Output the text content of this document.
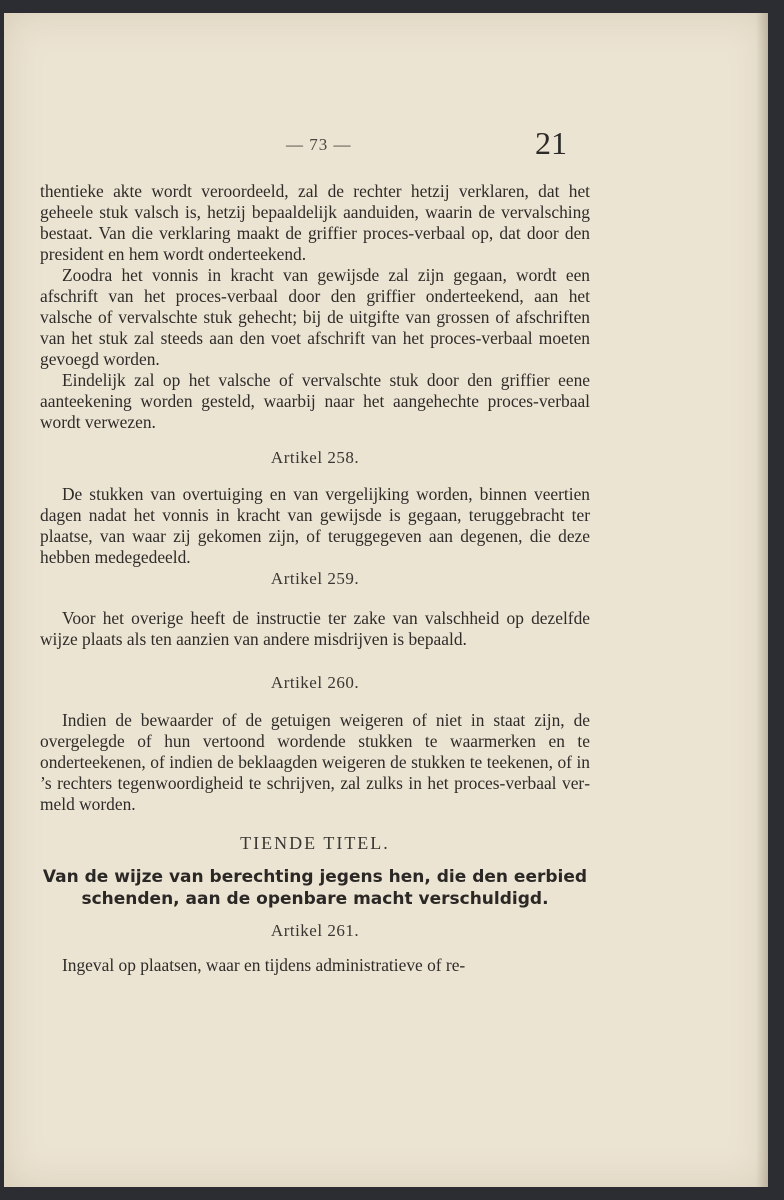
— 73 —	21

thentieke akte wordt veroordeeld, zal de rechter hetzij verklaren, dat het geheele stuk valsch is, hetzij bepaaldelijk aanduiden, waarin de vervalsching bestaat. Van die verklaring maakt de griffier proces-verbaal op, dat door den president en hem wordt onderteekend.

Zoodra het vonnis in kracht van gewijsde zal zijn gegaan, wordt een afschrift van het proces-verbaal door den griffier onderteekend, aan het valsche of vervalschte stuk gehecht; bij de uitgifte van grossen of afschriften van het stuk zal steeds aan den voet afschrift van het proces-verbaal moeten gevoegd worden.

Eindelijk zal op het valsche of vervalschte stuk door den griffier eene aanteekening worden gesteld, waarbij naar het aangehechte proces-verbaal wordt verwezen.

Artikel 258.

De stukken van overtuiging en van vergelijking worden, binnen veertien dagen nadat het vonnis in kracht van gewijsde is gegaan, teruggebracht ter plaatse, van waar zij gekomen zijn, of teruggegeven aan degenen, die deze hebben medegedeeld.

Artikel 259.

Voor het overige heeft de instructie ter zake van valschheid op dezelfde wijze plaats als ten aanzien van andere misdrijven is bepaald.

Artikel 260.

Indien de bewaarder of de getuigen weigeren of niet in staat zijn, de overgelegde of hun vertoond wordende stukken te waarmerken en te onderteekenen, of indien de beklaagden weigeren de stukken te teekenen, of in ’s rechters tegenwoordigheid te schrijven, zal zulks in het proces-verbaal vermeld worden.

TIENDE TITEL.
Van de wijze van berechting jegens hen, die den eerbied
schenden, aan de openbare macht verschuldigd.
Artikel 261.

Ingeval op plaatsen, waar en tijdens administratieve of re-
